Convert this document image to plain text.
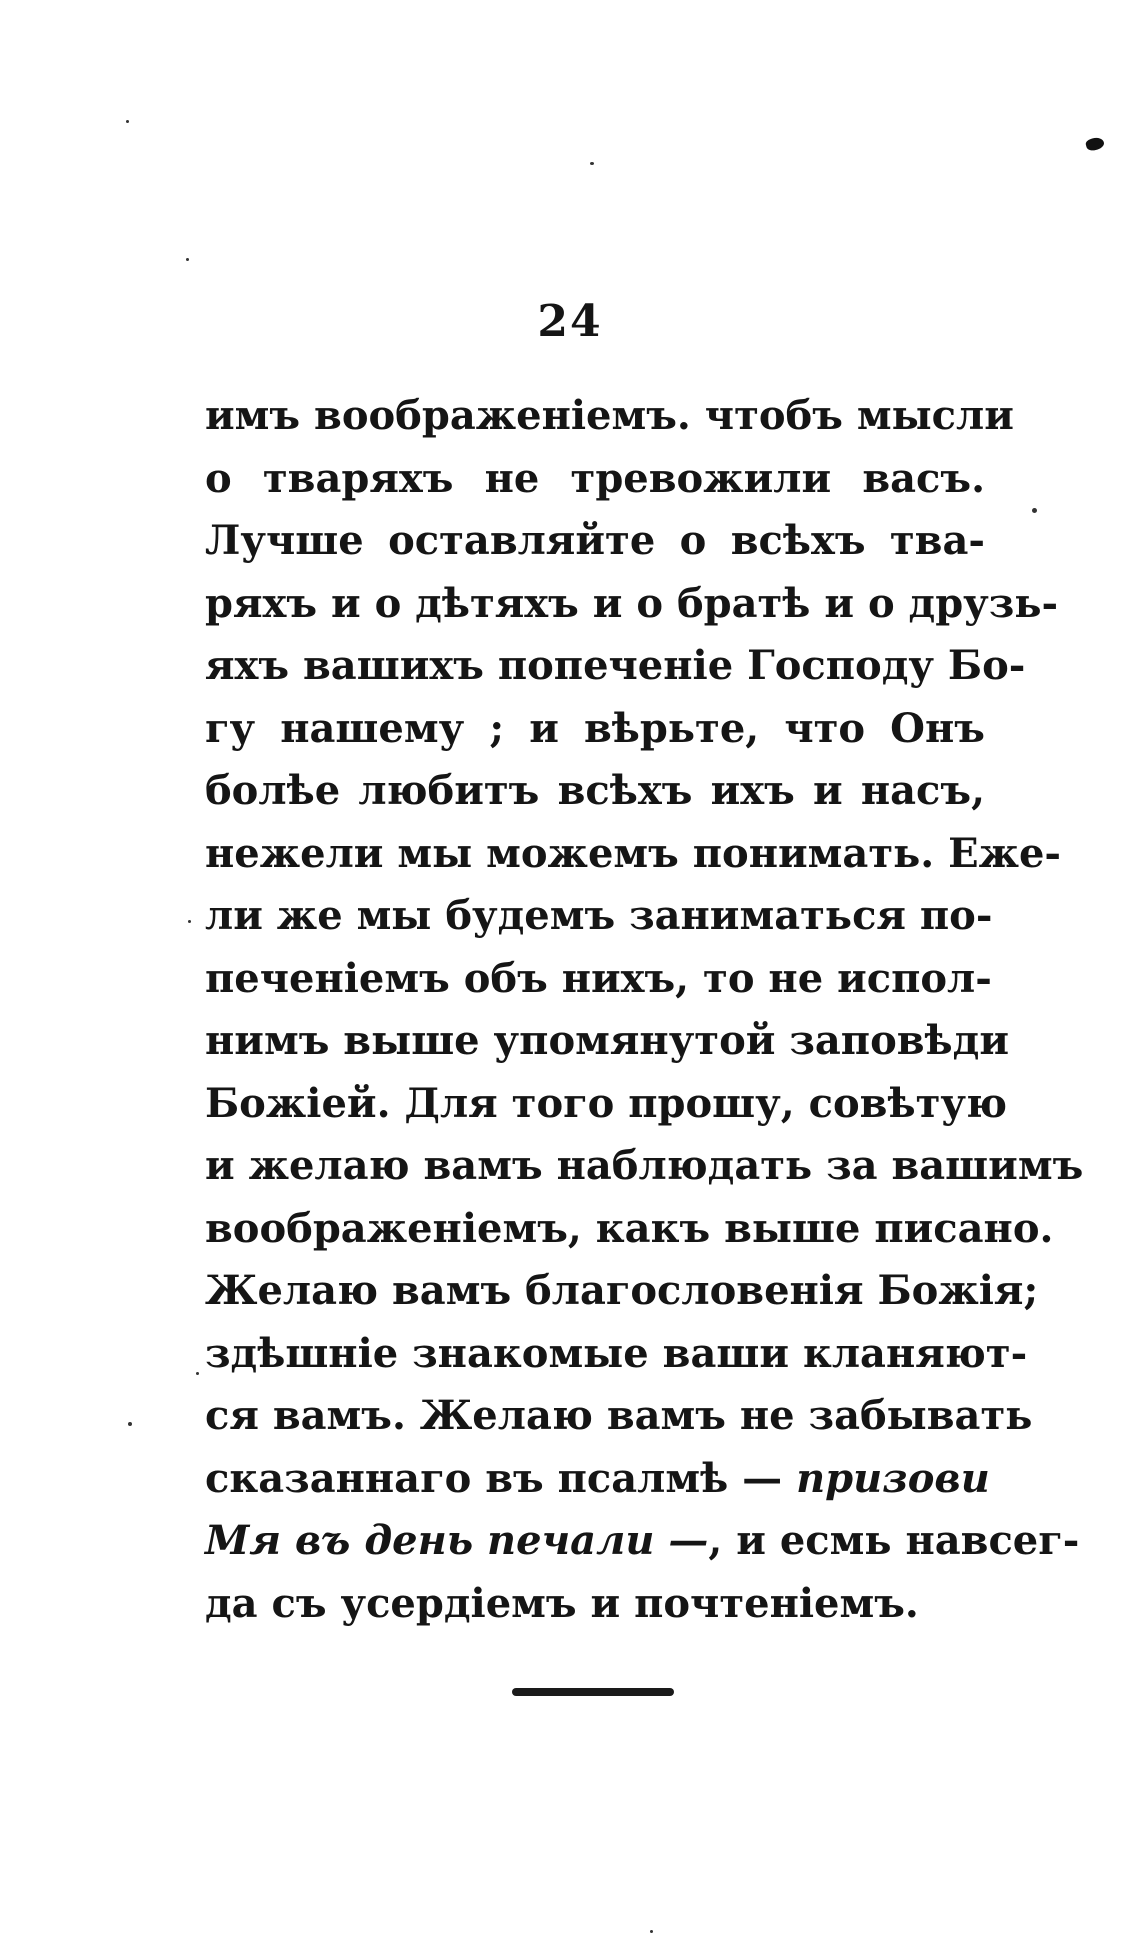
24
имъ воображеніемъ. чтобъ мысли
о тваряхъ не тревожили васъ.
Лучше оставляйте о всѣхъ тва-
ряхъ и о дѣтяхъ и о братѣ и о друзь-
яхъ вашихъ попеченіе Господу Бо-
гу нашему ; и вѣрьте, что Онъ
болѣе любитъ всѣхъ ихъ и насъ,
нежели мы можемъ понимать. Еже-
ли же мы будемъ заниматься по-
печеніемъ объ нихъ, то не испол-
нимъ выше упомянутой заповѣди
Божіей. Для того прошу, совѣтую
и желаю вамъ наблюдать за вашимъ
воображеніемъ, какъ выше писано.
Желаю вамъ благословенія Божія;
здѣшніе знакомые ваши кланяют-
ся вамъ. Желаю вамъ не забывать
сказаннаго въ псалмѣ — призови
Мя въ день печали —, и есмь навсег-
да съ усердіемъ и почтеніемъ.
